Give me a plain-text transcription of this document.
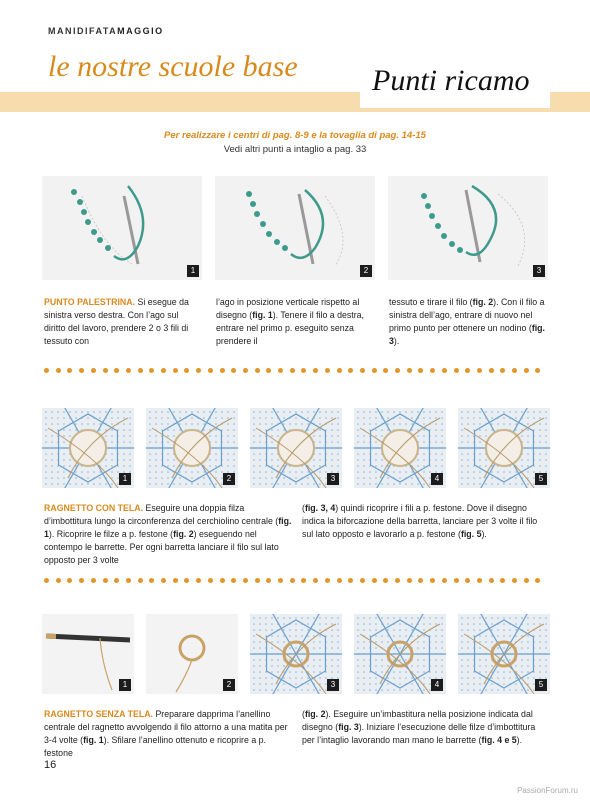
MANIDIFATAMAGGIO
le nostre scuole base Punti ricamo
Per realizzare i centri di pag. 8-9 e la tovaglia di pag. 14-15
Vedi altri punti a intaglio a pag. 33
1	2	3
PUNTO PALESTRINA. Si esegue da sinistra verso destra. Con l’ago sul diritto del lavoro, prendere 2 o 3 fili di tessuto con
l’ago in posizione verticale rispetto al disegno (fig. 1). Tenere il filo a destra, entrare nel primo p. eseguito senza prendere il
tessuto e tirare il filo (fig. 2). Con il filo a sinistra dell’ago, entrare di nuovo nel primo punto per ottenere un nodino (fig. 3).
1	2	3	4	5
RAGNETTO CON TELA. Eseguire una doppia filza d’imbottitura lungo la circonferenza del cerchiolino centrale (fig. 1). Ricoprire le filze a p. festone (fig. 2) eseguendo nel contempo le barrette. Per ogni barretta lanciare il filo sul lato opposto per 3 volte
(fig. 3, 4) quindi ricoprire i fili a p. festone. Dove il disegno indica la biforcazione della barretta, lanciare per 3 volte il filo sul lato opposto e lavorarlo a p. festone (fig. 5).
1	2	3	4	5
RAGNETTO SENZA TELA. Preparare dapprima l’anellino centrale del ragnetto avvolgendo il filo attorno a una matita per 3-4 volte (fig. 1). Sfilare l’anellino ottenuto e ricoprire a p. festone
(fig. 2). Eseguire un’imbastitura nella posizione indicata dal disegno (fig. 3). Iniziare l’esecuzione delle filze d’imbottitura per l’intaglio lavorando man mano le barrette (fig. 4 e 5).
16
PassionForum.ru
